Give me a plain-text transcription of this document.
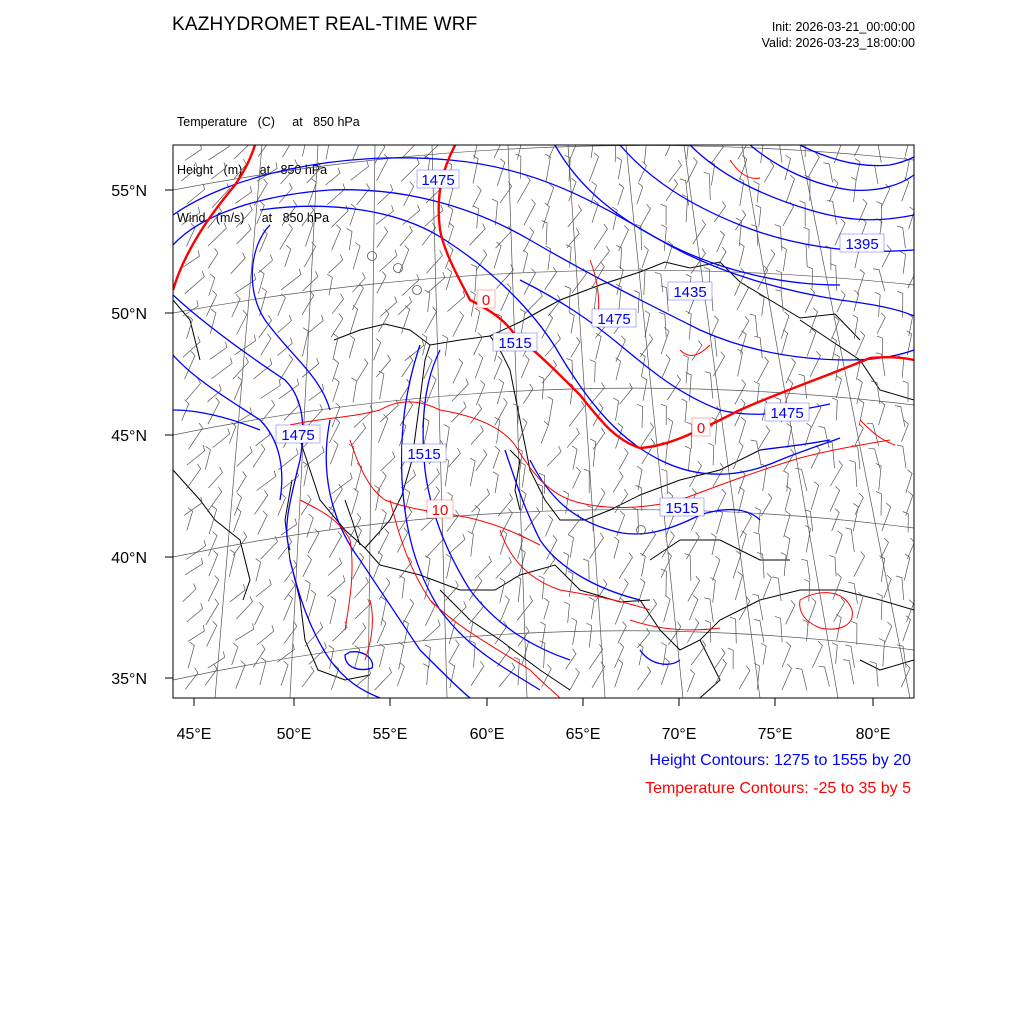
KAZHYDROMET REAL-TIME WRF	Init: 2026-03-21_00:00:00
Valid: 2026-03-23_18:00:00

Temperature   (C)     at   850 hPa

Height   (m)     at   850 hPa

Wind   (m/s)     at   850 hPa

1475
1395
1435
1475
1515
1475
1515
1475
1515
0
0
10
55°N
50°N
45°N
40°N
35°N
45°E	50°E	55°E	60°E	65°E	70°E	75°E	80°E
Height Contours: 1275 to 1555 by 20
Temperature Contours: -25 to 35 by 5
